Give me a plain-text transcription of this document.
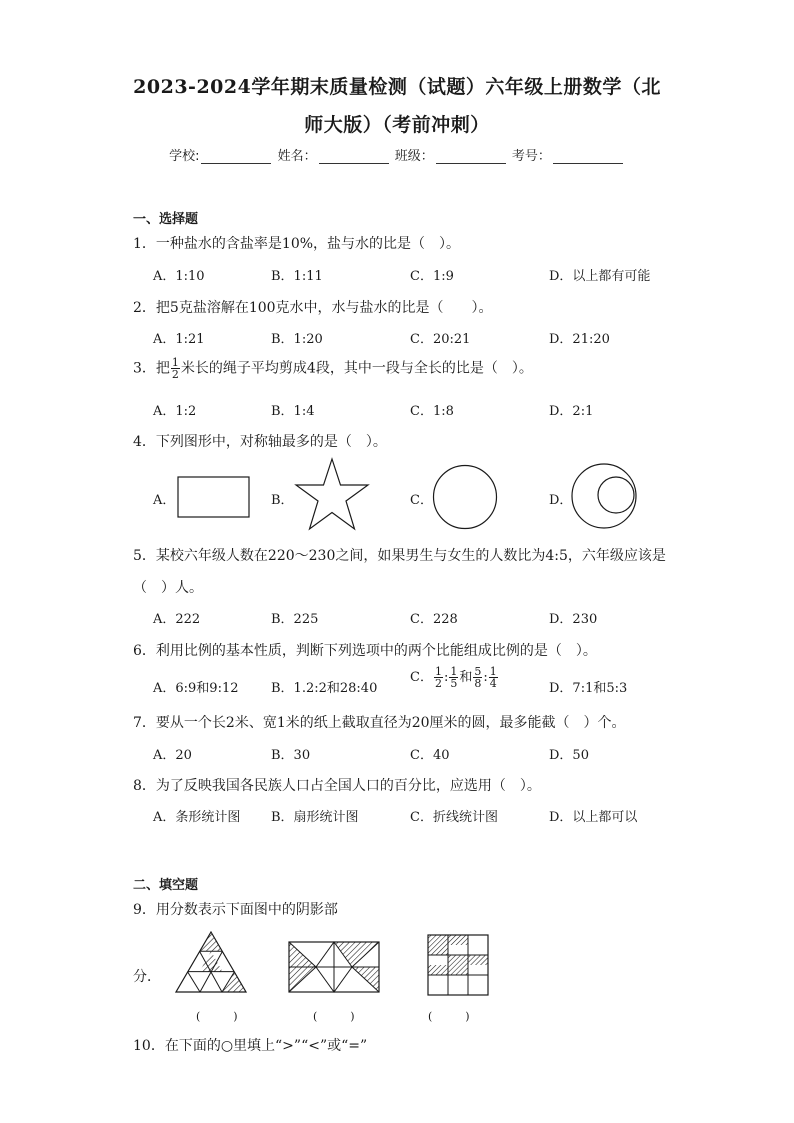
2023-2024学年期末质量检测（试题）六年级上册数学（北
师大版）（考前冲刺）
学校:	姓名：	班级：	考号：
一、选择题
1．一种盐水的含盐率是10%，盐与水的比是（　）。
A．1:10	B．1:11	C．1:9	D．以上都有可能
2．把5克盐溶解在100克水中，水与盐水的比是（　　）。
A．1:21	B．1:20	C．20:21	D．21:20
3．把 $\frac{1}{2}$ 米长的绳子平均剪成4段，其中一段与全长的比是（　）。
A．1:2	B．1:4	C．1:8	D．2:1
4．下列图形中，对称轴最多的是（　）。
A．	B．	C．	D．
5．某校六年级人数在220～230之间，如果男生与女生的人数比为4:5，六年级应该是
（　）人。
A．222	B．225	C．228	D．230
6．利用比例的基本性质，判断下列选项中的两个比能组成比例的是（　）。
A．6:9和9:12 B．1.2:2和28:40
C． $\frac{1}{2}$ : $\frac{1}{5}$ 和 $\frac{5}{8}$ : $\frac{1}{4}$	D．7:1和5:3
7．要从一个长2米、宽1米的纸上截取直径为20厘米的圆，最多能截（　）个。
A．20	B．30	C．40	D．50
8．为了反映我国各民族人口占全国人口的百分比，应选用（　）。
A．条形统计图 B．扇形统计图	C．折线统计图	D．以上都可以
二、填空题
9．用分数表示下面图中的阴影部
分．
(　　　)	(　　　)	(　　　)
10．在下面的○里填上“>”“<”或“=”
